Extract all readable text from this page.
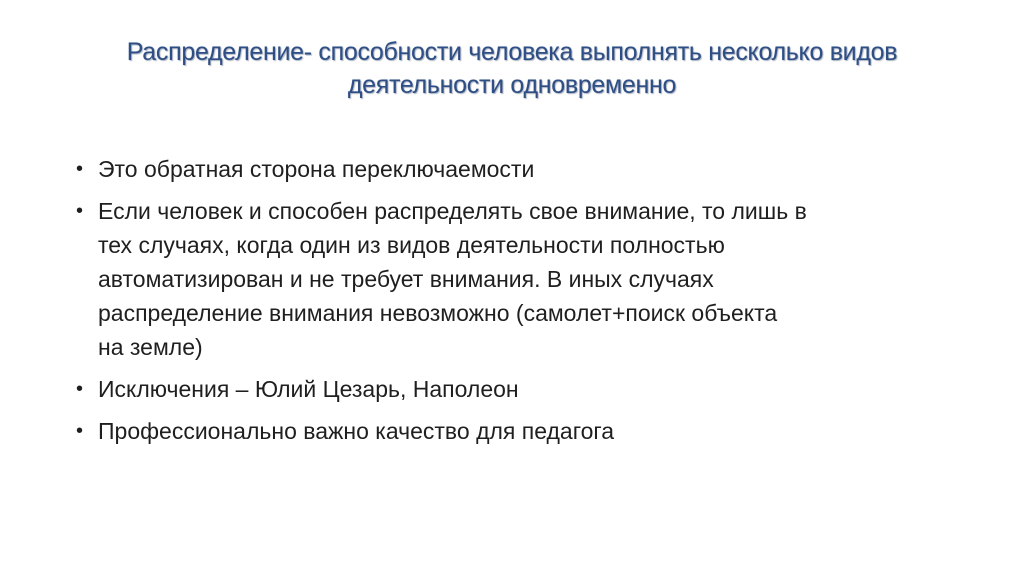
Распределение- способности человека выполнять несколько видов
деятельности одновременно
• Это обратная сторона переключаемости
• Если человек и способен распределять свое внимание, то лишь в
тех случаях, когда один из видов деятельности полностью
автоматизирован и не требует внимания. В иных случаях
распределение внимания невозможно (самолет+поиск объекта
на земле)
• Исключения – Юлий Цезарь, Наполеон
• Профессионально важно качество для педагога
